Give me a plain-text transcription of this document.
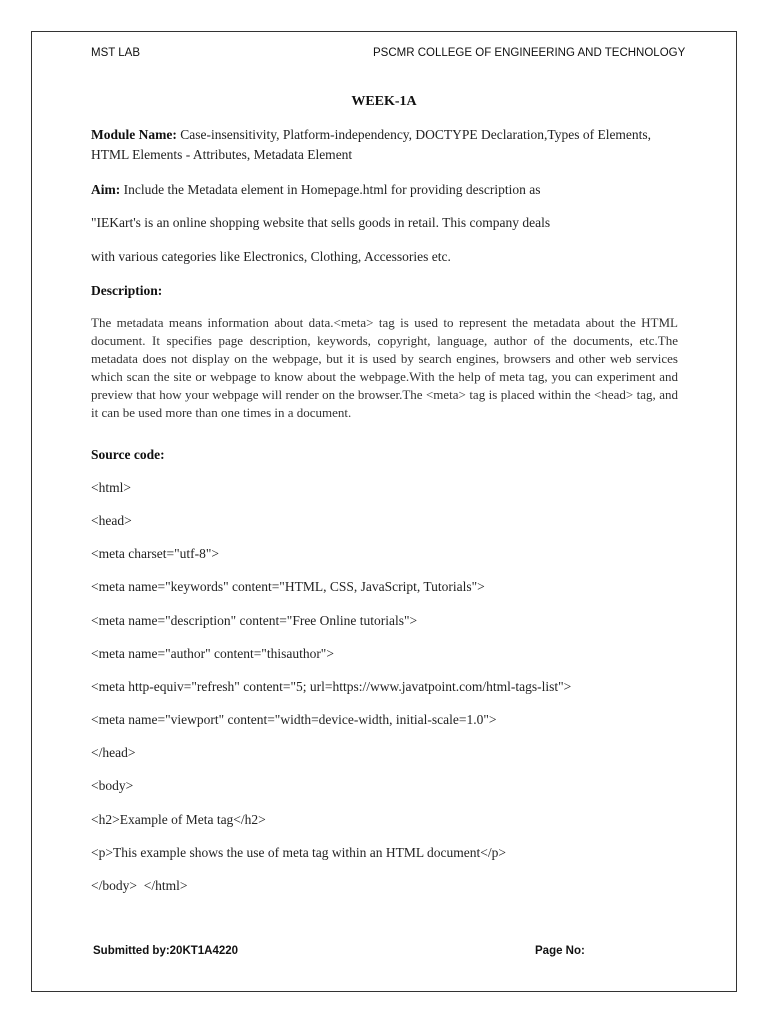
MST LAB	PSCMR COLLEGE OF ENGINEERING AND TECHNOLOGY
WEEK-1A
Module Name: Case-insensitivity, Platform-independency, DOCTYPE Declaration,Types of Elements, HTML Elements - Attributes, Metadata Element
Aim: Include the Metadata element in Homepage.html for providing description as
"IEKart's is an online shopping website that sells goods in retail. This company deals
with various categories like Electronics, Clothing, Accessories etc.
Description:
The metadata means information about data.<meta> tag is used to represent the metadata about the HTML document. It specifies page description, keywords, copyright, language, author of the documents, etc.The metadata does not display on the webpage, but it is used by search engines, browsers and other web services which scan the site or webpage to know about the webpage.With the help of meta tag, you can experiment and preview that how your webpage will render on the browser.The <meta> tag is placed within the <head> tag, and it can be used more than one times in a document.
Source code:
<html>
<head>
<meta charset="utf-8">
<meta name="keywords" content="HTML, CSS, JavaScript, Tutorials">
<meta name="description" content="Free Online tutorials">
<meta name="author" content="thisauthor">
<meta http-equiv="refresh" content="5; url=https://www.javatpoint.com/html-tags-list">
<meta name="viewport" content="width=device-width, initial-scale=1.0">
</head>
<body>
<h2>Example of Meta tag</h2>
<p>This example shows the use of meta tag within an HTML document</p>
</body>  </html>
Submitted by:20KT1A4220	Page No:
